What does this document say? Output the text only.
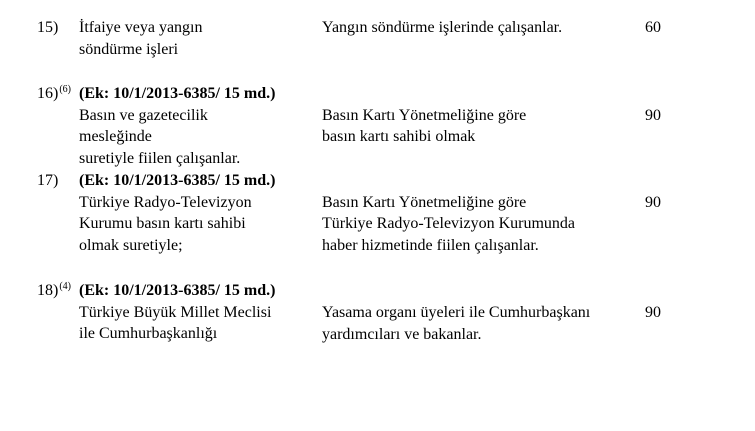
15) İtfaiye veya yangın
söndürme işleri
Yangın söndürme işlerinde çalışanlar.	60
16)$^{(6)}$ (Ek: 10/1/2013-6385/ 15 md.)
Basın ve gazetecilik
mesleğinde
suretiyle fiilen çalışanlar.
Basın Kartı Yönetmeliğine göre
basın kartı sahibi olmak
90
17) (Ek: 10/1/2013-6385/ 15 md.)
Türkiye Radyo-Televizyon
Kurumu basın kartı sahibi
olmak suretiyle;
Basın Kartı Yönetmeliğine göre
Türkiye Radyo-Televizyon Kurumunda
haber hizmetinde fiilen çalışanlar.
90
18)$^{(4)}$ (Ek: 10/1/2013-6385/ 15 md.)
Türkiye Büyük Millet Meclisi
ile Cumhurbaşkanlığı
Yasama organı üyeleri ile Cumhurbaşkanı
yardımcıları ve bakanlar.
90
